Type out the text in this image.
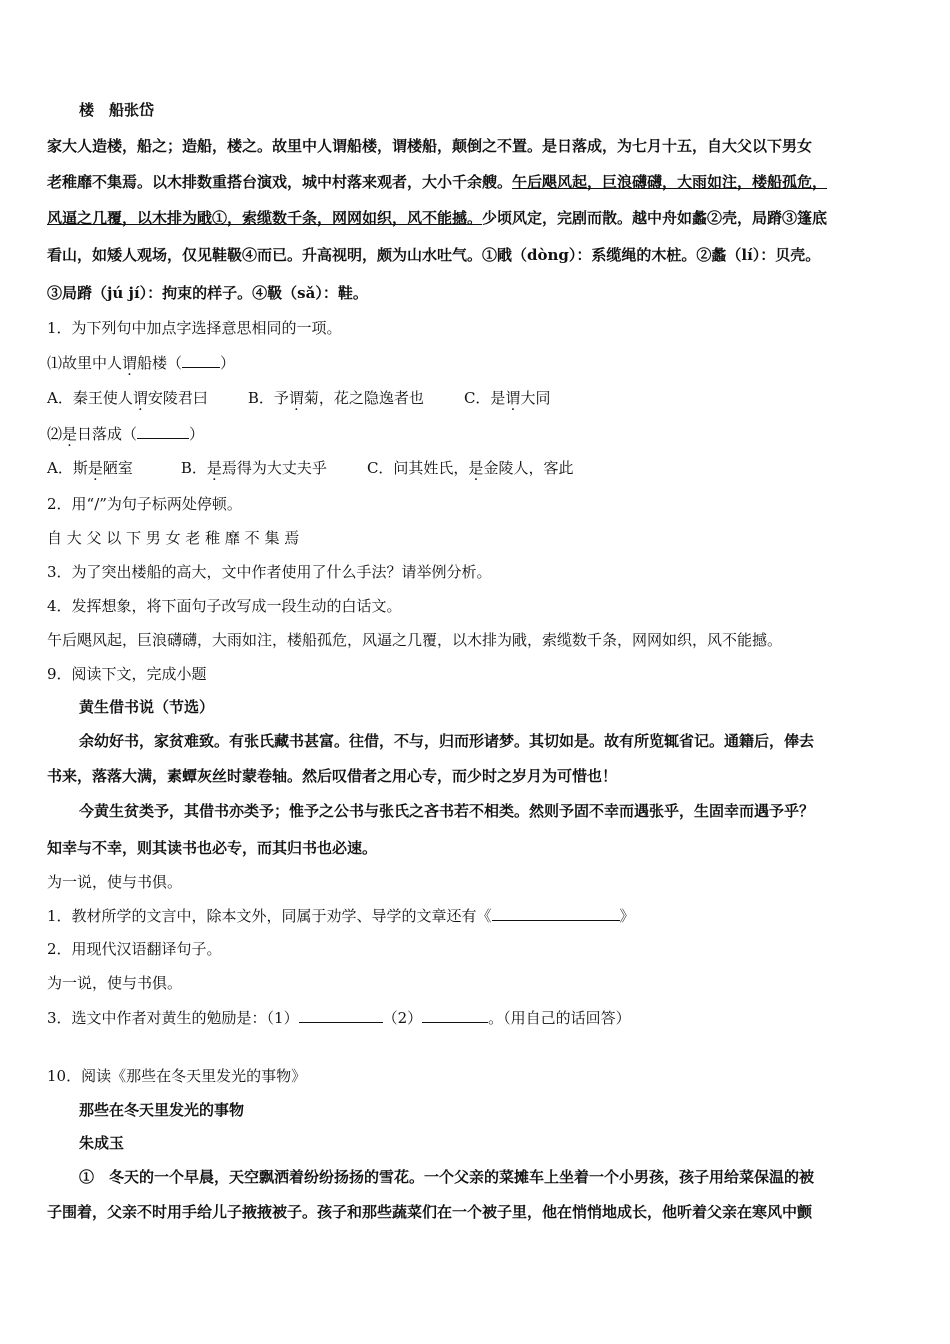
楼　船张岱
家大人造楼，船之；造船，楼之。故里中人谓船楼，谓楼船，颠倒之不置。是日落成，为七月十五，自大父以下男女
老稚靡不集焉。以木排数重搭台演戏，城中村落来观者，大小千余艘。午后飓风起，巨浪礴礴，大雨如注，楼船孤危，
风逼之几覆，以木排为戙①，索缆数千条，网网如织，风不能撼。少顷风定，完剧而散。越中舟如蠡②壳，局蹐③篷底
看山，如矮人观场，仅见鞋靸④而已。升高视明，颇为山水吐气。①戙（dòng）：系缆绳的木桩。②蠡（lí）：贝壳。
③局蹐（jú jí）：拘束的样子。④靸（sǎ）：鞋。
1．为下列句中加点字选择意思相同的一项。
⑴故里中人谓船楼（	）
A．秦王使人谓安陵君曰	B．予谓菊，花之隐逸者也	C．是谓大同
⑵是日落成（	）
A．斯是陋室	B．是焉得为大丈夫乎	C．问其姓氏，是金陵人，客此
2．用“/”为句子标两处停顿。
自 大 父 以 下 男 女 老 稚 靡 不 集 焉
3．为了突出楼船的高大，文中作者使用了什么手法？请举例分析。
4．发挥想象，将下面句子改写成一段生动的白话文。
午后飓风起，巨浪礴礴，大雨如注，楼船孤危，风逼之几覆，以木排为戙，索缆数千条，网网如织，风不能撼。
9．阅读下文，完成小题
黄生借书说（节选）
余幼好书，家贫难致。有张氏藏书甚富。往借，不与，归而形诸梦。其切如是。故有所览辄省记。通籍后，俸去
书来，落落大满，素蟫灰丝时蒙卷轴。然后叹借者之用心专，而少时之岁月为可惜也！
今黄生贫类予，其借书亦类予；惟予之公书与张氏之吝书若不相类。然则予固不幸而遇张乎，生固幸而遇予乎？
知幸与不幸，则其读书也必专，而其归书也必速。
为一说，使与书俱。
1．教材所学的文言中，除本文外，同属于劝学、导学的文章还有《	》
2．用现代汉语翻译句子。
为一说，使与书俱。
3．选文中作者对黄生的勉励是：（1）	（2）	。（用自己的话回答）
10．阅读《那些在冬天里发光的事物》
那些在冬天里发光的事物
朱成玉
①　冬天的一个早晨，天空飘洒着纷纷扬扬的雪花。一个父亲的菜摊车上坐着一个小男孩，孩子用给菜保温的被
子围着，父亲不时用手给儿子掖掖被子。孩子和那些蔬菜们在一个被子里，他在悄悄地成长，他听着父亲在寒风中颤
